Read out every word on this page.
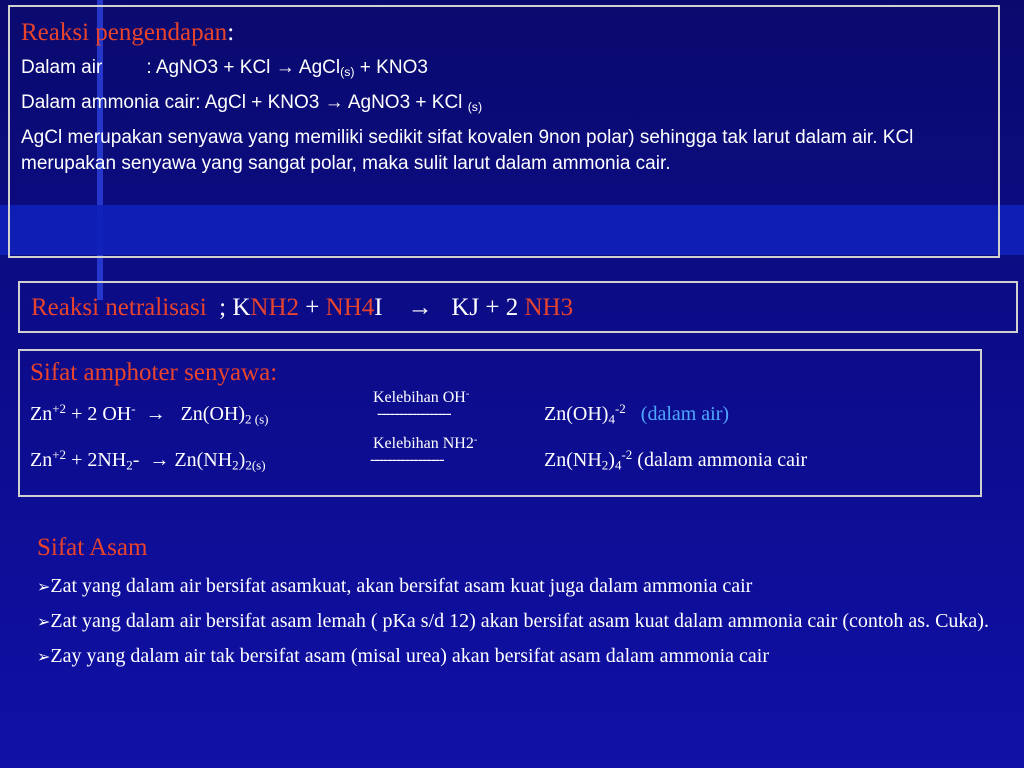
Reaksi pengendapan:

Dalam air : AgNO3 + KCl → AgCl$_{(s)}$ + KNO3

Dalam ammonia cair: AgCl + KNO3 → AgNO3 + KCl $_{(s)}$

AgCl merupakan senyawa yang memiliki sedikit sifat kovalen 9non polar) sehingga tak larut dalam air. KCl merupakan senyawa yang sangat polar, maka sulit larut dalam ammonia cair.

Reaksi netralisasi ; KNH2 + NH4I → KJ + 2 NH3
Sifat amphoter senyawa:
$Zn^{+2} + 2$ $OH^- \to Zn(OH)_{2 (s)}$
Kelebihan OH-
-----------------	$Zn(OH)_4^{-2}$ (dalam air)
$Zn^{+2} + 2NH_2- \to Zn(NH_2)_{2(s)}$
Kelebihan NH2-
-----------------	$Zn(NH_2)_4^{-2}$ (dalam ammonia cair
Sifat Asam
➢Zat yang dalam air bersifat asamkuat, akan bersifat asam kuat juga dalam ammonia cair
➢Zat yang dalam air bersifat asam lemah ( pKa s/d 12) akan bersifat asam kuat dalam ammonia cair (contoh as. Cuka).
➢Zay yang dalam air tak bersifat asam (misal urea) akan bersifat asam dalam ammonia cair
